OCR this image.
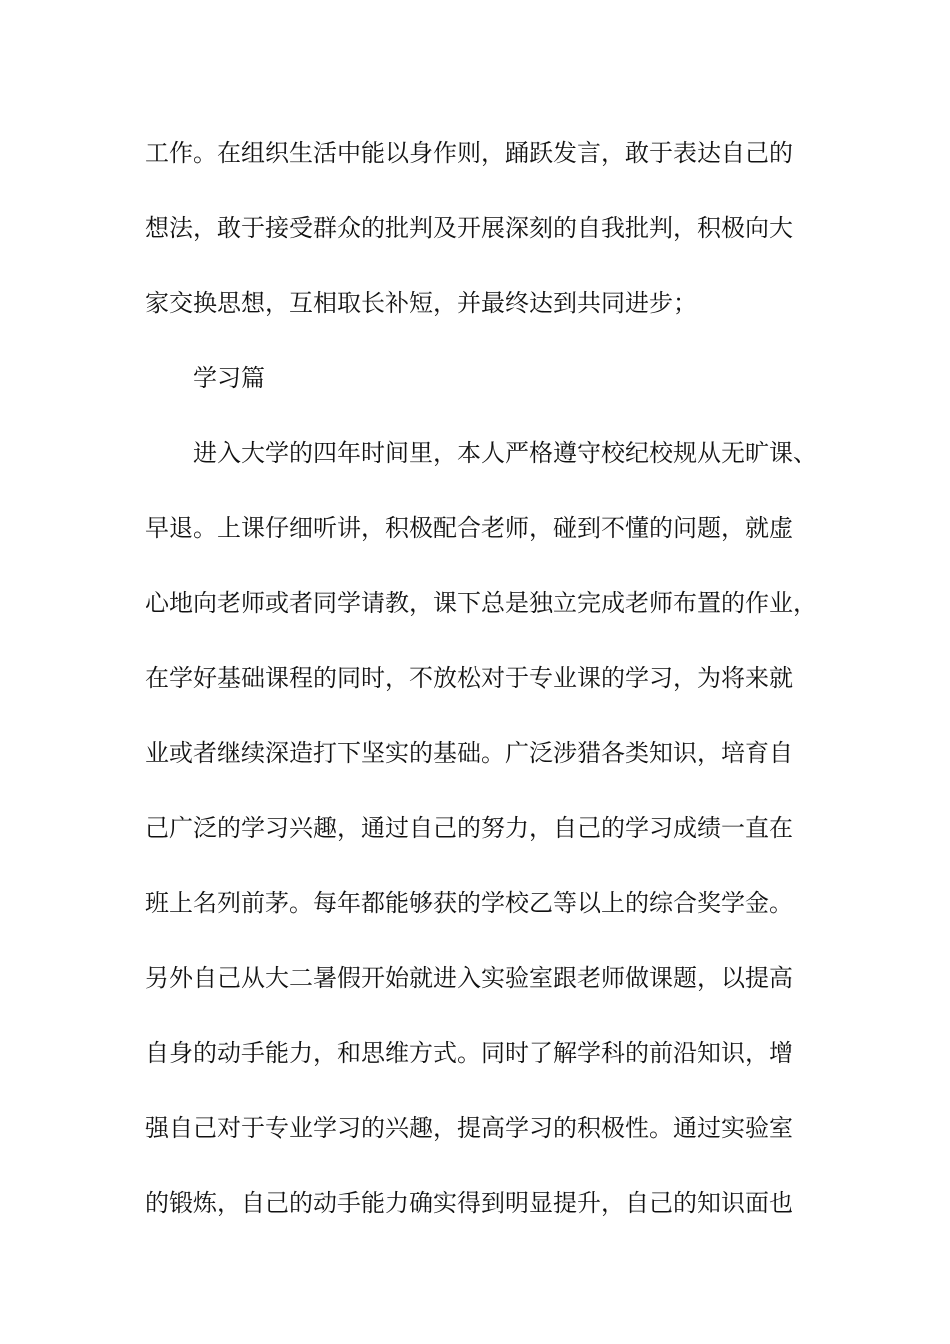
工作。在组织生活中能以身作则，踊跃发言，敢于表达自己的
想法，敢于接受群众的批判及开展深刻的自我批判，积极向大
家交换思想，互相取长补短，并最终达到共同进步；
学习篇
进入大学的四年时间里，本人严格遵守校纪校规从无旷课、
早退。上课仔细听讲，积极配合老师，碰到不懂的问题，就虚
心地向老师或者同学请教，课下总是独立完成老师布置的作业，
在学好基础课程的同时，不放松对于专业课的学习，为将来就
业或者继续深造打下坚实的基础。广泛涉猎各类知识，培育自
己广泛的学习兴趣，通过自己的努力，自己的学习成绩一直在
班上名列前茅。每年都能够获的学校乙等以上的综合奖学金。
另外自己从大二暑假开始就进入实验室跟老师做课题，以提高
自身的动手能力，和思维方式。同时了解学科的前沿知识，增
强自己对于专业学习的兴趣，提高学习的积极性。通过实验室
的锻炼，自己的动手能力确实得到明显提升，自己的知识面也
